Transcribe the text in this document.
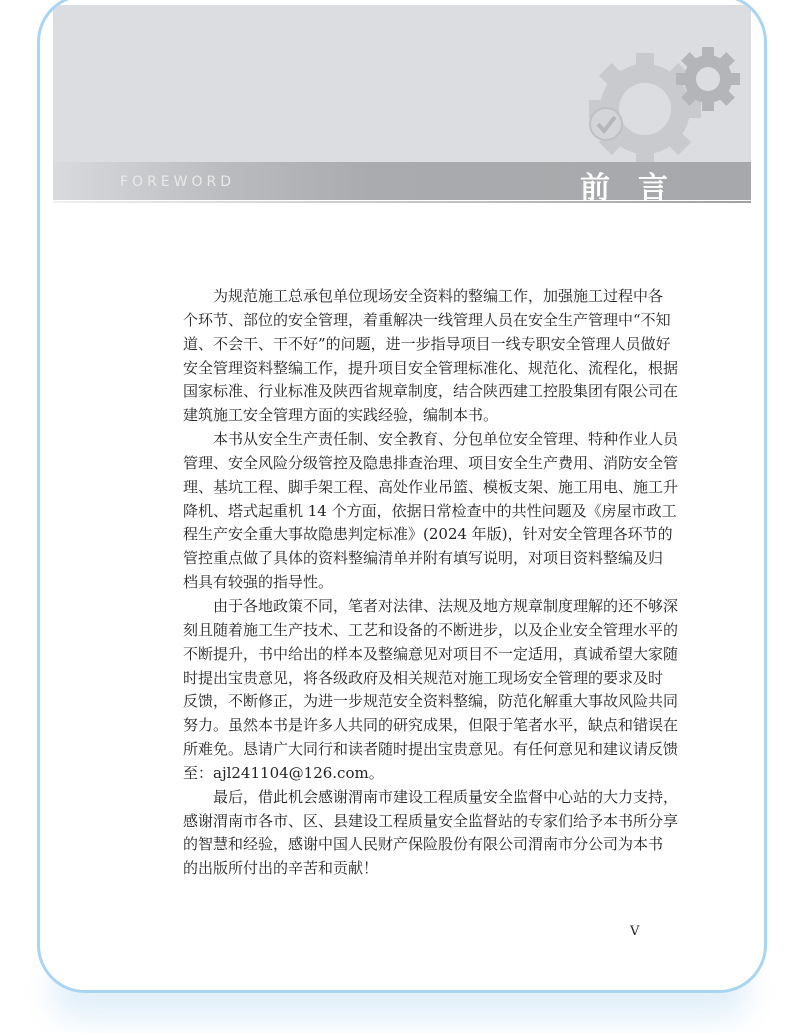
FOREWORD	前言
为规范施工总承包单位现场安全资料的整编工作，加强施工过程中各
个环节、部位的安全管理，着重解决一线管理人员在安全生产管理中“不知
道、不会干、干不好”的问题，进一步指导项目一线专职安全管理人员做好
安全管理资料整编工作，提升项目安全管理标准化、规范化、流程化，根据
国家标准、行业标准及陕西省规章制度，结合陕西建工控股集团有限公司在
建筑施工安全管理方面的实践经验，编制本书。
本书从安全生产责任制、安全教育、分包单位安全管理、特种作业人员
管理、安全风险分级管控及隐患排查治理、项目安全生产费用、消防安全管
理、基坑工程、脚手架工程、高处作业吊篮、模板支架、施工用电、施工升
降机、塔式起重机 14 个方面，依据日常检查中的共性问题及《房屋市政工
程生产安全重大事故隐患判定标准》(2024 年版)，针对安全管理各环节的
管控重点做了具体的资料整编清单并附有填写说明，对项目资料整编及归
档具有较强的指导性。
由于各地政策不同，笔者对法律、法规及地方规章制度理解的还不够深
刻且随着施工生产技术、工艺和设备的不断进步，以及企业安全管理水平的
不断提升，书中给出的样本及整编意见对项目不一定适用，真诚希望大家随
时提出宝贵意见，将各级政府及相关规范对施工现场安全管理的要求及时
反馈，不断修正，为进一步规范安全资料整编，防范化解重大事故风险共同
努力。虽然本书是许多人共同的研究成果，但限于笔者水平，缺点和错误在
所难免。恳请广大同行和读者随时提出宝贵意见。有任何意见和建议请反馈
至：ajl241104@126.com。
最后，借此机会感谢渭南市建设工程质量安全监督中心站的大力支持，
感谢渭南市各市、区、县建设工程质量安全监督站的专家们给予本书所分享
的智慧和经验，感谢中国人民财产保险股份有限公司渭南市分公司为本书
的出版所付出的辛苦和贡献！
V
